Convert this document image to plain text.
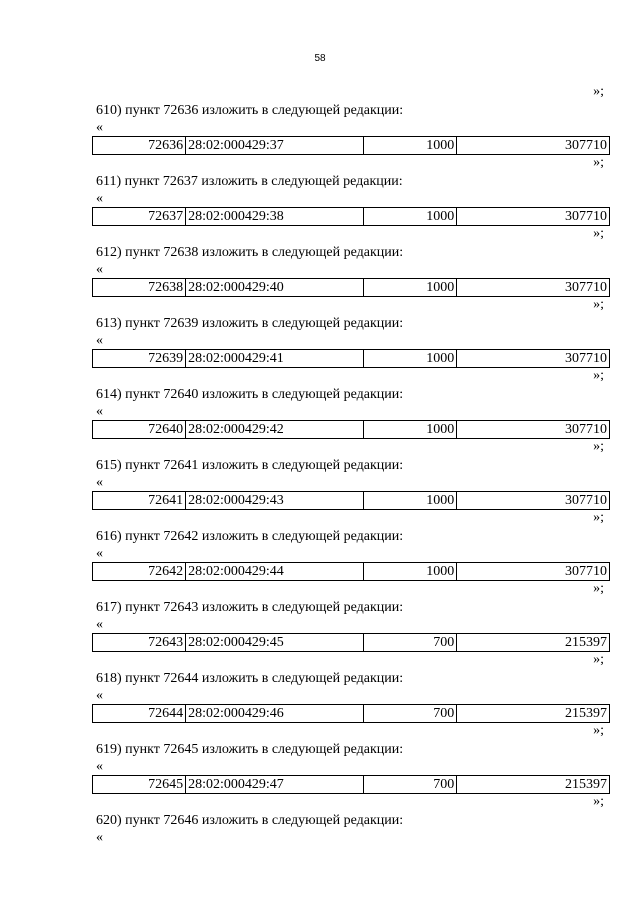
58
»;
610) пункт 72636 изложить в следующей редакции:
«
72636	28:02:000429:37	1000	307710
»;
611) пункт 72637 изложить в следующей редакции:
«
72637	28:02:000429:38	1000	307710
»;
612) пункт 72638 изложить в следующей редакции:
«
72638	28:02:000429:40	1000	307710
»;
613) пункт 72639 изложить в следующей редакции:
«
72639	28:02:000429:41	1000	307710
»;
614) пункт 72640 изложить в следующей редакции:
«
72640	28:02:000429:42	1000	307710
»;
615) пункт 72641 изложить в следующей редакции:
«
72641	28:02:000429:43	1000	307710
»;
616) пункт 72642 изложить в следующей редакции:
«
72642	28:02:000429:44	1000	307710
»;
617) пункт 72643 изложить в следующей редакции:
«
72643	28:02:000429:45	700	215397
»;
618) пункт 72644 изложить в следующей редакции:
«
72644	28:02:000429:46	700	215397
»;
619) пункт 72645 изложить в следующей редакции:
«
72645	28:02:000429:47	700	215397
»;
620) пункт 72646 изложить в следующей редакции:
«
